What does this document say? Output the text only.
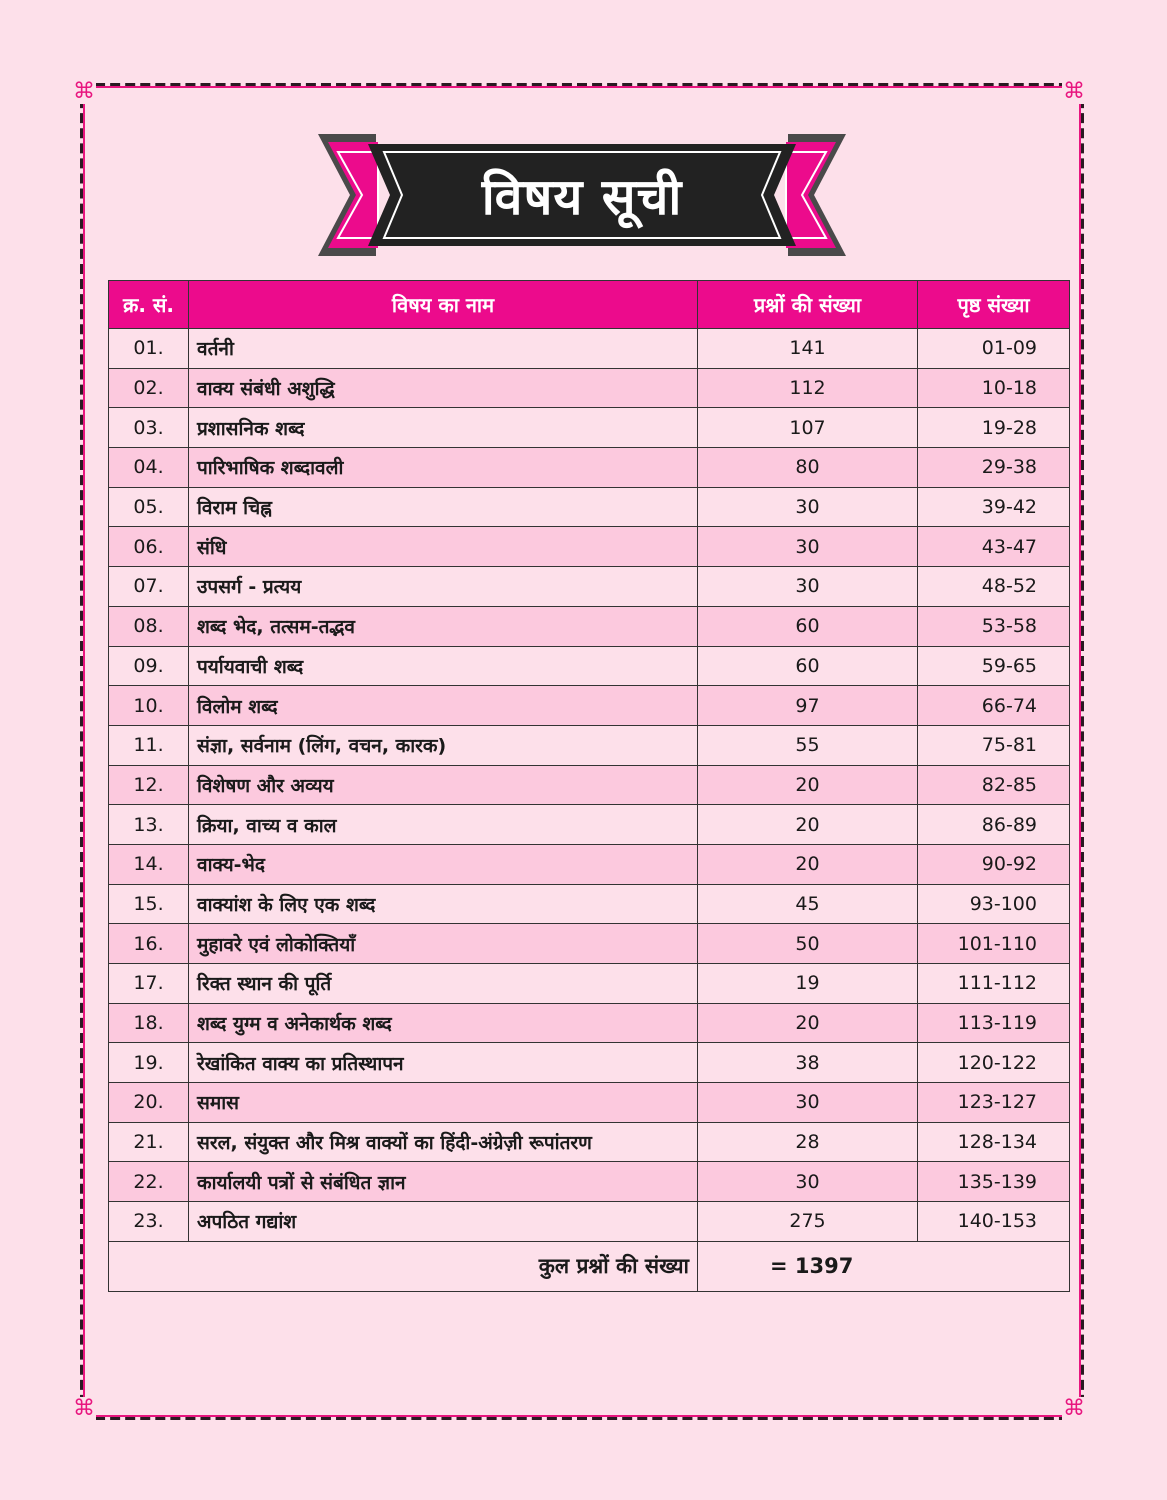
⌘	⌘
⌘	⌘
विषय सूची
क्र. सं.	विषय का नाम	प्रश्नों की संख्या	पृष्ठ संख्या
01.	वर्तनी	141	01-09
02.	वाक्य संबंधी अशुद्धि	112	10-18
03.	प्रशासनिक शब्द	107	19-28
04.	पारिभाषिक शब्दावली	80	29-38
05.	विराम चिह्न	30	39-42
06.	संधि	30	43-47
07.	उपसर्ग - प्रत्यय	30	48-52
08.	शब्द भेद, तत्सम-तद्भव	60	53-58
09.	पर्यायवाची शब्द	60	59-65
10.	विलोम शब्द	97	66-74
11.	संज्ञा, सर्वनाम (लिंग, वचन, कारक)	55	75-81
12.	विशेषण और अव्यय	20	82-85
13.	क्रिया, वाच्य व काल	20	86-89
14.	वाक्य-भेद	20	90-92
15.	वाक्यांश के लिए एक शब्द	45	93-100
16.	मुहावरे एवं लोकोक्तियाँ	50	101-110
17.	रिक्त स्थान की पूर्ति	19	111-112
18.	शब्द युग्म व अनेकार्थक शब्द	20	113-119
19.	रेखांकित वाक्य का प्रतिस्थापन	38	120-122
20.	समास	30	123-127
21.	सरल, संयुक्त और मिश्र वाक्यों का हिंदी-अंग्रेज़ी रूपांतरण	28	128-134
22.	कार्यालयी पत्रों से संबंधित ज्ञान	30	135-139
23.	अपठित गद्यांश	275	140-153
कुल प्रश्नों की संख्या		= 1397	
